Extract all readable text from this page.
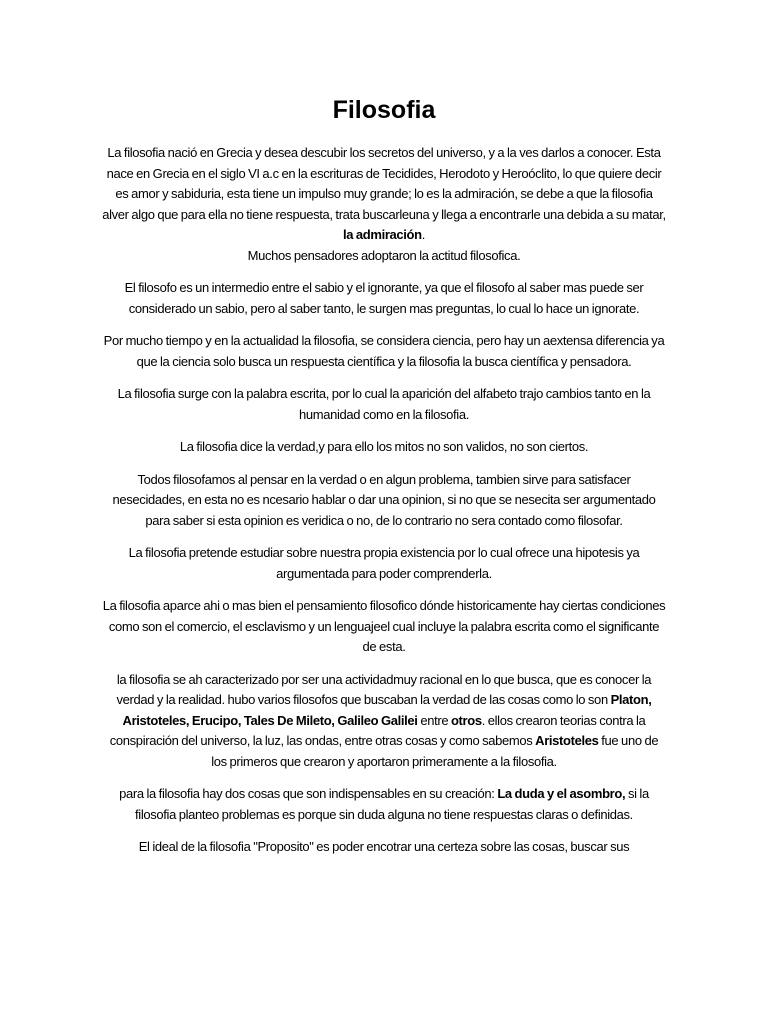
Filosofia

La filosofia nació en Grecia y desea descubir los secretos del universo, y a la ves darlos a conocer. Esta nace en Grecia en el siglo VI a.c en la escrituras de Tecidides, Herodoto y Heroóclito, lo que quiere decir es amor y sabiduria, esta tiene un impulso muy grande; lo es la admiración, se debe a que la filosofia alver algo que para ella no tiene respuesta, trata buscarleuna y llega a encontrarle una debida a su matar, la admiración.
Muchos pensadores adoptaron la actitud filosofica.

El filosofo es un intermedio entre el sabio y el ignorante, ya que el filosofo al saber mas puede ser considerado un sabio, pero al saber tanto, le surgen mas preguntas, lo cual lo hace un ignorate.

Por mucho tiempo y en la actualidad la filosofia, se considera ciencia, pero hay un aextensa diferencia ya que la ciencia solo busca un respuesta científica y la filosofia la busca científica y pensadora.

La filosofia surge con la palabra escrita, por lo cual la aparición del alfabeto trajo cambios tanto en la humanidad como en la filosofia.

La filosofia dice la verdad,y para ello los mitos no son validos, no son ciertos.

Todos filosofamos al pensar en la verdad o en algun problema, tambien sirve para satisfacer nesecidades, en esta no es ncesario hablar o dar una opinion, si no que se nesecita ser argumentado para saber si esta opinion es veridica o no, de lo contrario no sera contado como filosofar.

La filosofia pretende estudiar sobre nuestra propia existencia por lo cual ofrece una hipotesis ya argumentada para poder comprenderla.

La filosofia aparce ahi o mas bien el pensamiento filosofico dónde historicamente hay ciertas condiciones como son el comercio, el esclavismo y un lenguajeel cual incluye la palabra escrita como el significante de esta.

la filosofia se ah caracterizado por ser una actividadmuy racional en lo que busca, que es conocer la verdad y la realidad. hubo varios filosofos que buscaban la verdad de las cosas como lo son Platon, Aristoteles, Erucipo, Tales De Mileto, Galileo Galilei entre otros. ellos crearon teorias contra la conspiración del universo, la luz, las ondas, entre otras cosas y como sabemos Aristoteles fue uno de los primeros que crearon y aportaron primeramente a la filosofia.

para la filosofia hay dos cosas que son indispensables en su creación: La duda y el asombro, si la filosofia planteo problemas es porque sin duda alguna no tiene respuestas claras o definidas.

El ideal de la filosofia "Proposito" es poder encotrar una certeza sobre las cosas, buscar sus
